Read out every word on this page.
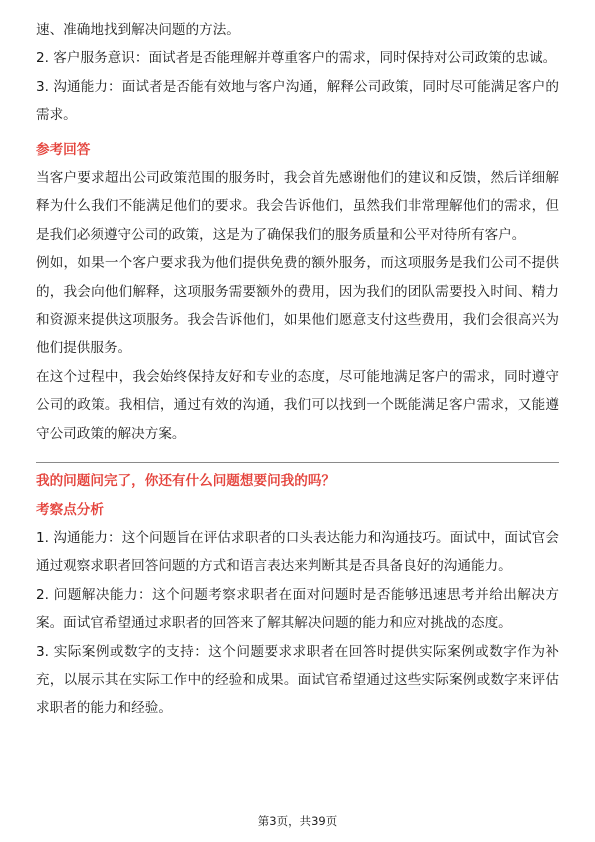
速、准确地找到解决问题的方法。

2. 客户服务意识：面试者是否能理解并尊重客户的需求，同时保持对公司政策的忠诚。

3. 沟通能力：面试者是否能有效地与客户沟通，解释公司政策，同时尽可能满足客户的需求。

参考回答

当客户要求超出公司政策范围的服务时，我会首先感谢他们的建议和反馈，然后详细解释为什么我们不能满足他们的要求。我会告诉他们，虽然我们非常理解他们的需求，但是我们必须遵守公司的政策，这是为了确保我们的服务质量和公平对待所有客户。

例如，如果一个客户要求我为他们提供免费的额外服务，而这项服务是我们公司不提供的，我会向他们解释，这项服务需要额外的费用，因为我们的团队需要投入时间、精力和资源来提供这项服务。我会告诉他们，如果他们愿意支付这些费用，我们会很高兴为他们提供服务。

在这个过程中，我会始终保持友好和专业的态度，尽可能地满足客户的需求，同时遵守公司的政策。我相信，通过有效的沟通，我们可以找到一个既能满足客户需求，又能遵守公司政策的解决方案。

我的问题问完了，你还有什么问题想要问我的吗？

考察点分析

1. 沟通能力：这个问题旨在评估求职者的口头表达能力和沟通技巧。面试中，面试官会通过观察求职者回答问题的方式和语言表达来判断其是否具备良好的沟通能力。

2. 问题解决能力：这个问题考察求职者在面对问题时是否能够迅速思考并给出解决方案。面试官希望通过求职者的回答来了解其解决问题的能力和应对挑战的态度。

3. 实际案例或数字的支持：这个问题要求求职者在回答时提供实际案例或数字作为补充，以展示其在实际工作中的经验和成果。面试官希望通过这些实际案例或数字来评估求职者的能力和经验。

第3页，共39页
